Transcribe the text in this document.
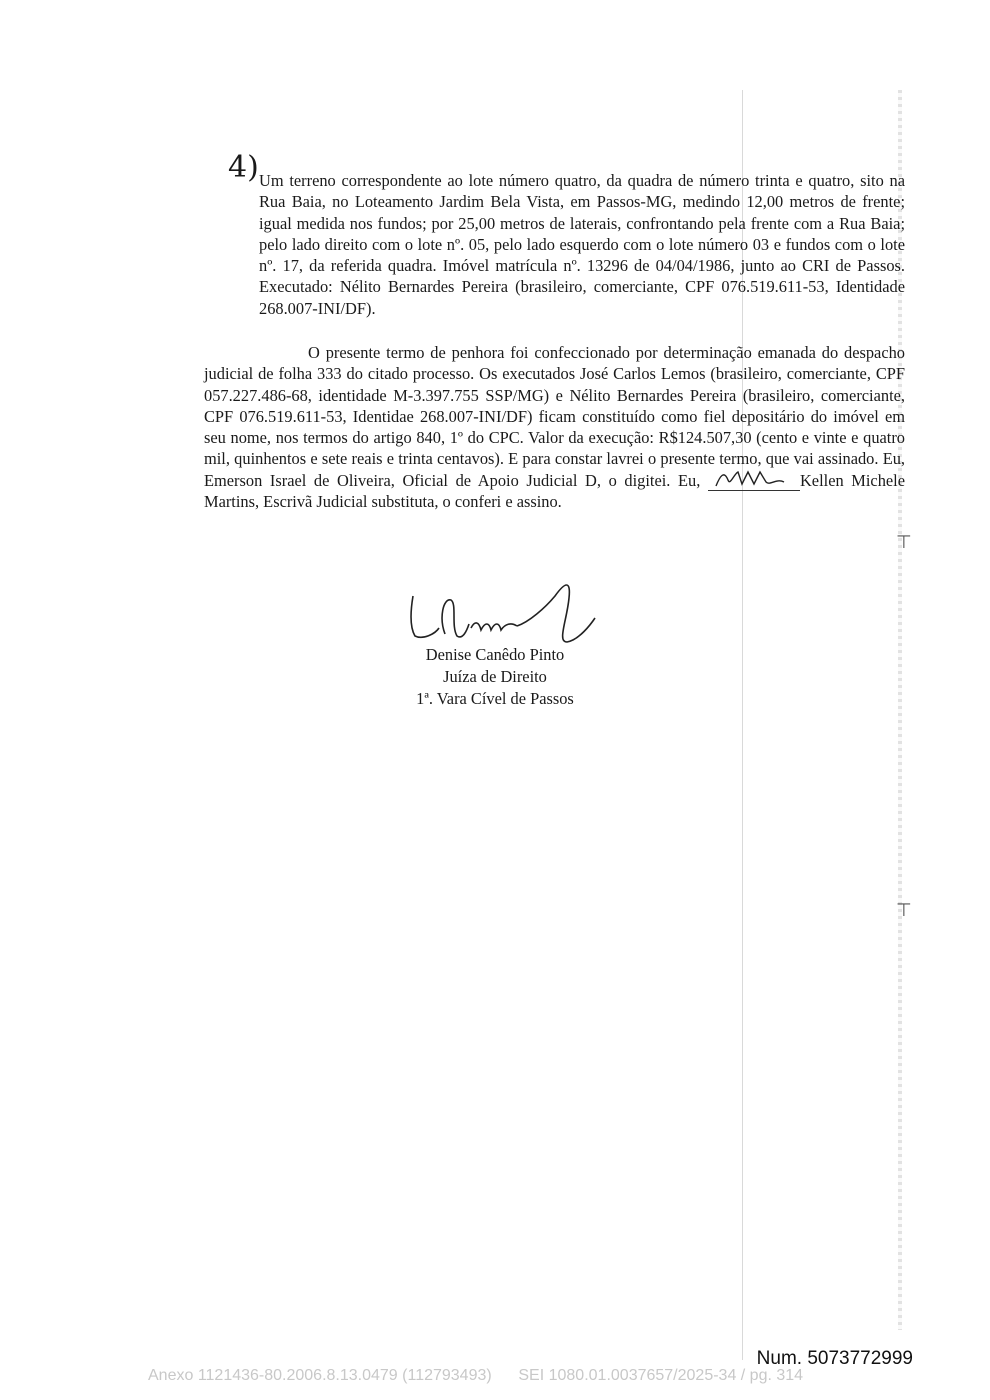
4) Um terreno correspondente ao lote número quatro, da quadra de número trinta e quatro, sito na Rua Baia, no Loteamento Jardim Bela Vista, em Passos-MG, medindo 12,00 metros de frente; igual medida nos fundos; por 25,00 metros de laterais, confrontando pela frente com a Rua Baia; pelo lado direito com o lote nº. 05, pelo lado esquerdo com o lote número 03 e fundos com o lote nº. 17, da referida quadra. Imóvel matrícula nº. 13296 de 04/04/1986, junto ao CRI de Passos. Executado: Nélito Bernardes Pereira (brasileiro, comerciante, CPF 076.519.611-53, Identidade 268.007-INI/DF).

O presente termo de penhora foi confeccionado por determinação emanada do despacho judicial de folha 333 do citado processo. Os executados José Carlos Lemos (brasileiro, comerciante, CPF 057.227.486-68, identidade M-3.397.755 SSP/MG) e Nélito Bernardes Pereira (brasileiro, comerciante, CPF 076.519.611-53, Identidae 268.007-INI/DF) ficam constituído como fiel depositário do imóvel em seu nome, nos termos do artigo 840, 1º do CPC. Valor da execução: R$124.507,30 (cento e vinte e quatro mil, quinhentos e sete reais e trinta centavos). E para constar lavrei o presente termo, que vai assinado. Eu, Emerson Israel de Oliveira, Oficial de Apoio Judicial D, o digitei. Eu,	Kellen Michele Martins, Escrivã Judicial substituta, o conferi e assino.

Denise Canêdo Pinto
Juíza de Direito
1ª. Vara Cível de Passos
⊤
⊤
Num. 5073772999
Anexo 1121436-80.2006.8.13.0479 (112793493) SEI 1080.01.0037657/2025-34 / pg. 314
